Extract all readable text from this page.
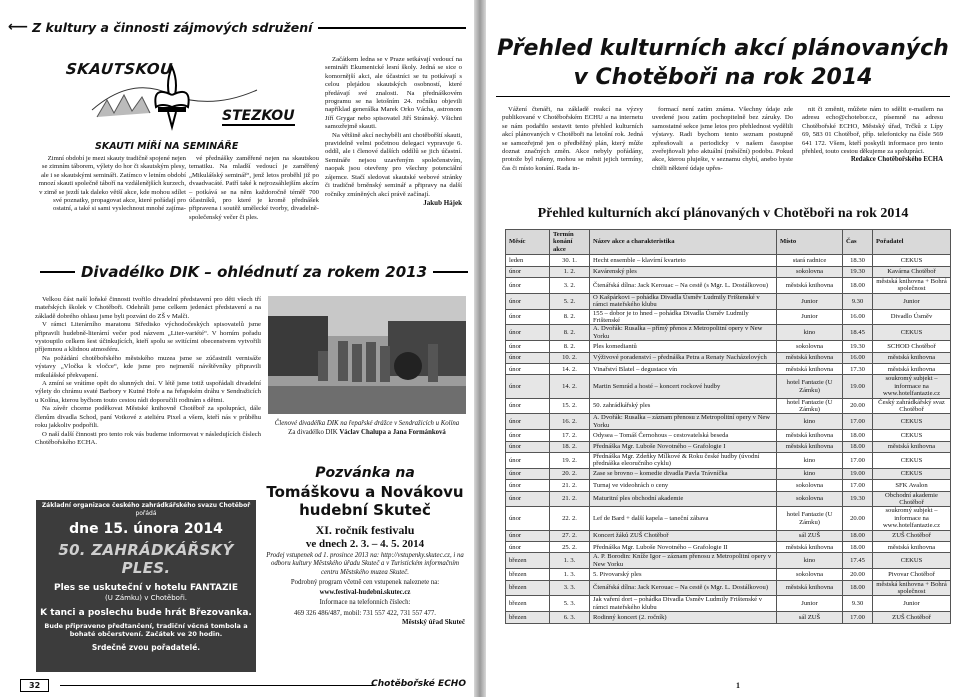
⟵ Z kultury a činnosti zájmových sdružení
SKAUTSKOU
STEZKOU
SKAUTI MÍŘÍ NA SEMINÁŘE

Zimní období je mezi skauty tradičně spojené nejen se zimním táborem, výlety do hor či skautským plesy, ale i se skautskými semináři. Zatímco v letním období mnozí skauti společně táboří na vzdálenějších kurzech, v zimě se jezdí tak daleko větší akce, kde mohou sdílet své poznatky, propagovat akce, které pořádají pro ostatní, a také si sami vyslechnout mnohé zajíma-

vé přednášky zaměřené nejen na skautskou tematiku. Na mladší vedoucí je zaměřený „Mikulášský seminář“, jenž letos proběhl již po dvaadvacáté. Patří také k nejrozsáhlejším akcím – potkává se na něm každoročně téměř 700 účastníků, pro které je kromě přednášek připravena i soutěž umělecké tvorby, divadelně-společenský večer či ples.

Začátkem ledna se v Praze setkávají vedoucí na semináři Ekumenické lesní školy. Jedná se sice o komornější akci, ale účastníci se tu potkávají s celou plejádou skautských osobností, které předávají své znalosti. Na přednáškovém programu se na letošním 24. ročníku objevili například generálka Marek Orko Vácha, astronom Jiří Grygar nebo spisovatel Jiří Stránský. Všichni samozřejmě skauti.

Na většině akcí nechyběli ani chotěbořští skauti, pravidelně velmi početnou delegaci vypravuje 6. oddíl, ale i členové dalších oddílů se jich účastní. Semináře nejsou uzavřeným společenstvím, naopak jsou otevřeny pro všechny potenciální zájemce. Stačí sledovat skautské webové stránky či tradičně brněnský seminář a připravy na další ročníky zmíněných akcí právě začínají.

Jakub Hájek

Divadélko DIK – ohlédnutí za rokem 2013

Velkou část naší loňské činnosti tvořilo divadelní představení pro děti všech tří mateřských školek v Chotěboři. Odehráli jsme celkem jedenáct představení a na základě dobrého ohlasu jsme byli pozváni do ZŠ v Malči.

V rámci Literárního maratonu Středisko východočeských spisovatelů jsme připravili hudebně-literární večer pod názvem „Liter-variété“. V horním pořadu vystoupilo celkem šest účinkujících, kteří spolu se svitícími obecenstvem vytvořili příjemnou a klidnou atmosféru.

Na požádání chotěbořského městského muzea jsme se zúčastnili vernisáže výstavy „Vločka k vločce“, kde jsme pro nejmenší návštěvníky připravili mikulášské překvapení.

A zmíní se vrátíme opět do slunných dní. V létě jsme totiž uspořádali divadelní výlety do chrámu svaté Barbory v Kutné Hoře a na řeřapském dráhu v Sendražicích u Kolína, kterou byčhom touto cestou rádi doporučili rodinám s dětmi.

Na závěr chceme poděkovat Městské knihovně Chotěboř za spolupráci, dále členům divadla Schod, paní Votkové z ateliéru Pixel a všem, kteří nás v průběhu roku jakkoliv podpořili.

O naší další činnosti pro tento rok vás budeme informovat v následujících číslech Chotěbořského ECHA.

Členové divadélka DIK na řepařské drážce v Sendražicích u Kolína

Za divadélko DIK Václav Chalupa a Jana Formánková

Základní organizace českého zahrádkářského svazu Chotěboř
pořádá
dne 15. února 2014
50. ZAHRÁDKÁŘSKÝ PLES.
Ples se uskuteční v hotelu FANTAZIE
(U Zámku) v Chotěboři.
K tanci a poslechu bude hrát Březovanka.
Bude připraveno předtančení, tradiční věcná tombola a bohaté občerstvení. Začátek ve 20 hodin.
Srdečně zvou pořadatelé.
Pozvánka na
Tomáškovu a Novákovu hudební Skuteč
XI. ročník festivalu
ve dnech 2. 3. – 4. 5. 2014
Prodej vstupenek od 1. prosince 2013 na: http://vstupenky.skutec.cz, i na odboru kultury Městského úřadu Skuteč a v Turistickém informačním centru Městského muzea Skuteč.
Podrobný program včetně cen vstupenek naleznete na:
www.festival-hudebni.skutec.cz
Informace na telefonních číslech:
469 326 486/487, mobil: 731 557 422, 731 557 477.
Městský úřad Skuteč
32	Chotěbořské ECHO
Přehled kulturních akcí plánovaných v Chotěboři na rok 2014

Vážení čtenáři, na základě reakcí na výzvy publikované v Chotěbořském ECHU a na internetu se nám podařilo sestavit tento přehled kulturních akcí plánovaných v Chotěboři na letošní rok. Jedná se samozřejmě jen o předběžný plán, který může doznat značných změn. Akce nebyly pořádány, protože byl rušeny, mohou se měnit jejich termíny, čas či místo konání. Rada in-

formací není zatím známa. Všechny údaje zde uvedené jsou zatím pochopitelně bez záruky. Do samostatné sekce jsme letos pro přehlednost vydělili výstavy. Radi bychom tento seznam postupně zpřesňovali a periodicky v našem časopise zveřejňovali jeho aktuální (měsíční) podobu. Pokud akce, kterou pluješte, v seznamu chybí, anebo byste chtěli některé údaje upřes-

nit či změnit, můžete nám to sdělit e-mailem na adresu echo@chotebor.cz, písemně na adresu Chotěbořské ECHO, Městský úřad, Trčků z Lípy 69, 583 01 Chotěboř, příp. telefonicky na čísle 569 641 172. Všem, kteří poskytli informace pro tento přehled, touto cestou děkujeme za spolupráci.

Redakce Chotěbořského ECHA

Přehled kulturních akcí plánovaných v Chotěboři na rok 2014
Měsíc	Termín konání akce	Název akce a charakteristika	Místo	Čas	Pořadatel
leden	30. 1.	Hecht ensemble – klavírní kvarteto	stará radnice	18.30	CEKUS
únor	1. 2.	Kavárenský ples	sokolovna	19.30	Kavárna Chotěboř
únor	3. 2.	Čtenářská dílna: Jack Kerouac – Na cestě (s Mgr. L. Dostálkovou)	městská knihovna	18.00	městská knihovna + Bohrá společnost
únor	5. 2.	O Kašpárkovi – pohádka Divadla Úsměv Ludmily Frištenské v rámci mateřského klubu	Junior	9.30	Junior
únor	8. 2.	155 – dobor je to hned – pohádka Divadla Úsměv Ludmily Frištenské	Junior	16.00	Divadlo Úsměv
únor	8. 2.	A. Dvořák: Rusalka – přímý přenos z Metropolitní opery v New Yorku	kino	18.45	CEKUS
únor	8. 2.	Ples komediantů	sokolovna	19.30	SCHOD Chotěboř
únor	10. 2.	Výživové poradenství – přednáška Petra a Renaty Nacházelových	městská knihovna	16.00	městská knihovna
únor	14. 2.	Vinařství Blatel – degustace vín	městská knihovna	17.30	městská knihovna
únor	14. 2.	Martin Semrád a hosté – koncert rockové hudby	hotel Fantazie (U Zámku)	19.00	soukromý subjekt – informace na www.hotelfantazie.cz
únor	15. 2.	50. zahrádkářský ples	hotel Fantazie (U Zámku)	20.00	Český zahrádkářský svaz Chotěboř
únor	16. 2.	A. Dvořák: Rusalka – záznam přenosu z Metropolitní opery v New Yorku	kino	17.00	CEKUS
únor	17. 2.	Odysea – Tomáš Černohous – cestovatelská beseda	městská knihovna	18.00	CEKUS
únor	18. 2.	Přednáška Mgr. Luboše Novotného – Grafologie I	městská knihovna	18.00	městská knihovna
únor	19. 2.	Přednáška Mgr. Zdeňky Mílkové & Roku české hudby (úvodní přednáška eleoručního cyklu)	kino	17.00	CEKUS
únor	20. 2.	Zase se brovno – komedie divadla Pavla Trávníčka	kino	19.00	CEKUS
únor	21. 2.	Turnaj ve videohrách o ceny	sokolovna	17.00	SFK Avalon
únor	21. 2.	Maturitní ples obchodní akademie	sokolovna	19.30	Obchodní akademie Chotěboř
únor	22. 2.	Lef de Bard + další kapela – taneční zábava	hotel Fantazie (U Zámku)	20.00	soukromý subjekt – informace na www.hotelfantazie.cz
únor	27. 2.	Koncert žáků ZUŠ Chotěboř	sál ZUŠ	18.00	ZUŠ Chotěboř
únor	25. 2.	Přednáška Mgr. Luboše Novotného – Grafologie II	městská knihovna	18.00	městská knihovna
březen	1. 3.	A. P. Borodin: Kníže Igor – záznam přenosu z Metropolitní opery v New Yorku	kino	17.45	CEKUS
březen	1. 3.	5. Pivovarský ples	sokolovna	20.00	Pivovar Chotěboř
březen	3. 3.	Čtenářská dílna: Jack Kerouac – Na cestě (s Mgr. L. Dostálkovou)	městská knihovna	18.00	městská knihovna + Bohrá společnost
březen	5. 3.	Jak vaření dort – pohádka Divadla Úsměv Ludmily Frištenské v rámci mateřského klubu	Junior	9.30	Junior
březen	6. 3.	Rodinný koncert (2. ročník)	sál ZUŠ	17.00	ZUŠ Chotěboř
1
